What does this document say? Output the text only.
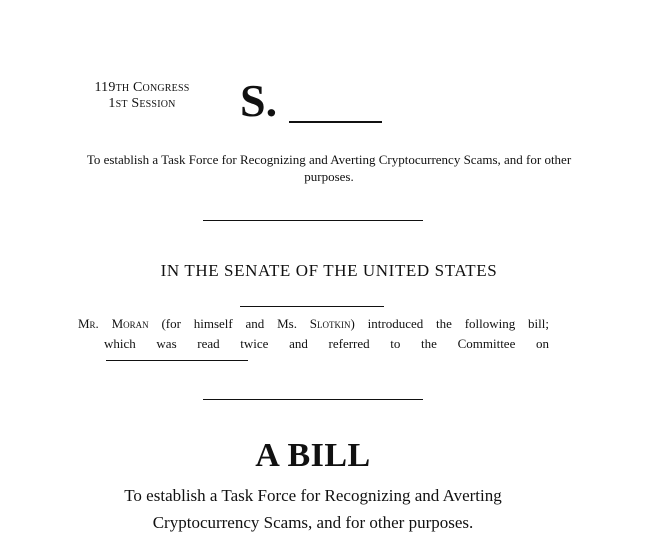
119th Congress
1st Session	S.
To establish a Task Force for Recognizing and Averting Cryptocurrency Scams, and for other purposes.
IN THE SENATE OF THE UNITED STATES
Mr. Moran (for himself and Ms. Slotkin) introduced the following bill;
which was read twice and referred to the Committee on
A BILL
To establish a Task Force for Recognizing and Averting Cryptocurrency Scams, and for other purposes.
